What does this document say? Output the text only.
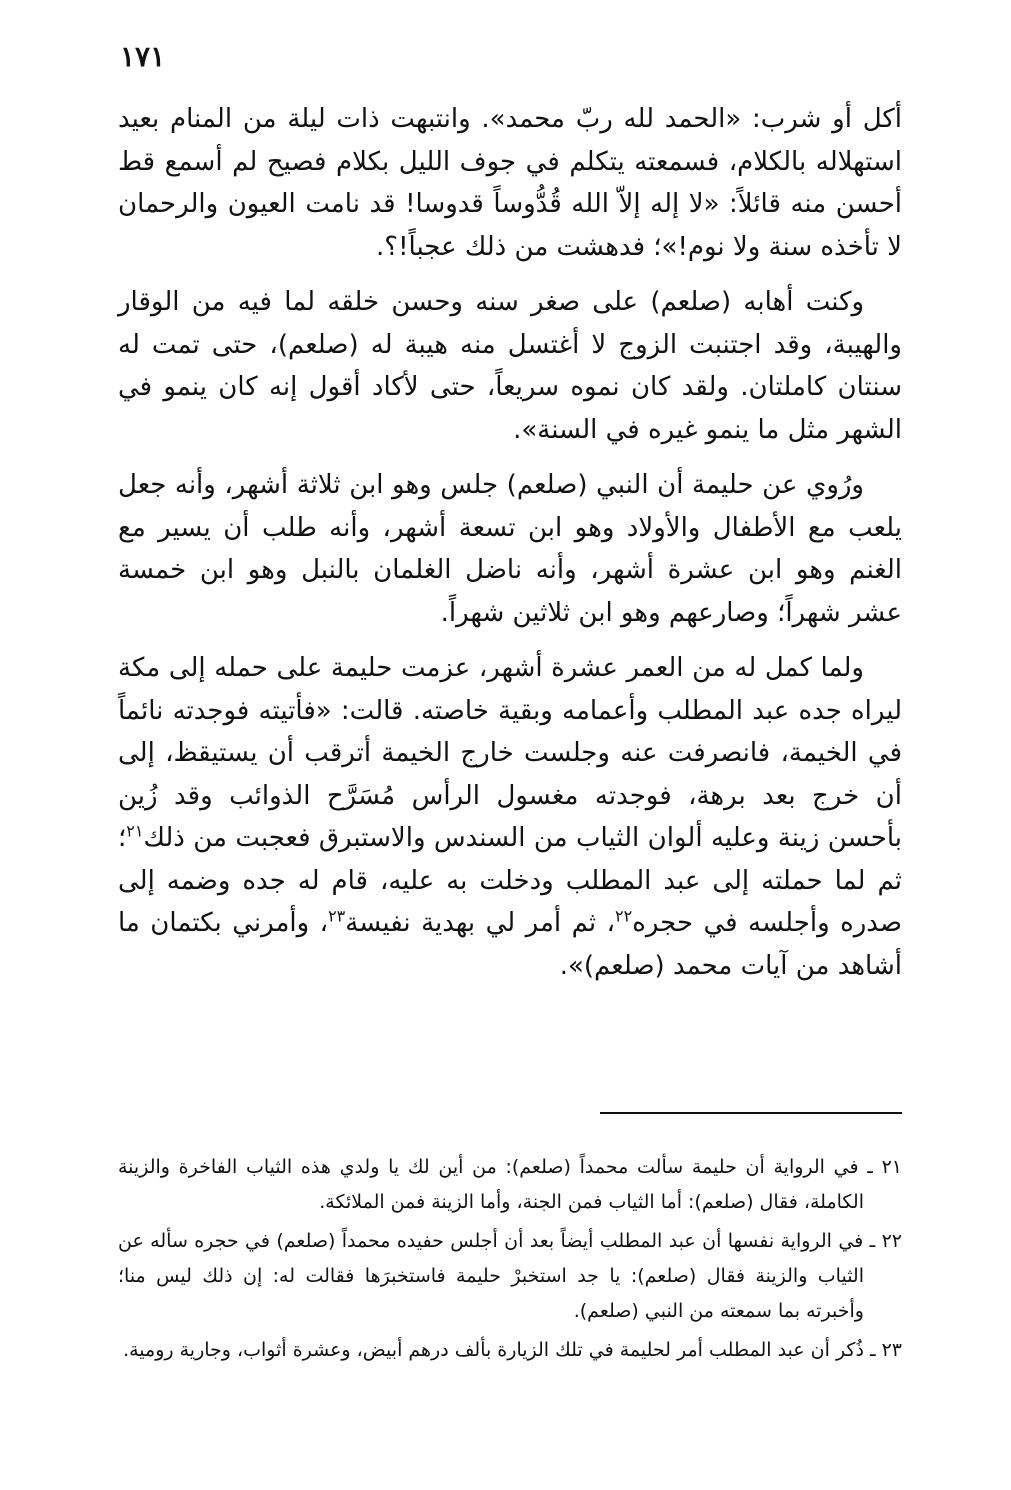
١٧١

أكل أو شرب: «الحمد لله ربّ محمد». وانتبهت ذات ليلة من المنام بعيد استهلاله بالكلام، فسمعته يتكلم في جوف الليل بكلام فصيح لم أسمع قط أحسن منه قائلاً: «لا إله إلاّ الله قُدُّوساً قدوسا! قد نامت العيون والرحمان لا تأخذه سنة ولا نوم!»؛ فدهشت من ذلك عجباً!؟.

وكنت أهابه (صلعم) على صغر سنه وحسن خلقه لما فيه من الوقار والهيبة، وقد اجتنبت الزوج لا أغتسل منه هيبة له (صلعم)، حتى تمت له سنتان كاملتان. ولقد كان نموه سريعاً، حتى لأكاد أقول إنه كان ينمو في الشهر مثل ما ينمو غيره في السنة».

ورُوي عن حليمة أن النبي (صلعم) جلس وهو ابن ثلاثة أشهر، وأنه جعل يلعب مع الأطفال والأولاد وهو ابن تسعة أشهر، وأنه طلب أن يسير مع الغنم وهو ابن عشرة أشهر، وأنه ناضل الغلمان بالنبل وهو ابن خمسة عشر شهراً؛ وصارعهم وهو ابن ثلاثين شهراً.

ولما كمل له من العمر عشرة أشهر، عزمت حليمة على حمله إلى مكة ليراه جده عبد المطلب وأعمامه وبقية خاصته. قالت: «فأتيته فوجدته نائماً في الخيمة، فانصرفت عنه وجلست خارج الخيمة أترقب أن يستيقظ، إلى أن خرج بعد برهة، فوجدته مغسول الرأس مُسَرَّح الذوائب وقد زُين بأحسن زينة وعليه ألوان الثياب من السندس والاستبرق فعجبت من ذلك$^{٢١}$؛ ثم لما حملته إلى عبد المطلب ودخلت به عليه، قام له جده وضمه إلى صدره وأجلسه في حجره$^{٢٢}$، ثم أمر لي بهدية نفيسة$^{٢٣}$، وأمرني بكتمان ما أشاهد من آيات محمد (صلعم)».

٢١ ـ في الرواية أن حليمة سألت محمداً (صلعم): من أين لك يا ولدي هذه الثياب الفاخرة والزينة الكاملة، فقال (صلعم): أما الثياب فمن الجنة، وأما الزينة فمن الملائكة.

٢٢ ـ في الرواية نفسها أن عبد المطلب أيضاً بعد أن أجلس حفيده محمداً (صلعم) في حجره سأله عن الثياب والزينة فقال (صلعم): يا جد استخبرْ حليمة فاستخبرَها فقالت له: إن ذلك ليس منا؛ وأخبرته بما سمعته من النبي (صلعم).

٢٣ ـ ذُكر أن عبد المطلب أمر لحليمة في تلك الزيارة بألف درهم أبيض، وعشرة أثواب، وجارية رومية.
